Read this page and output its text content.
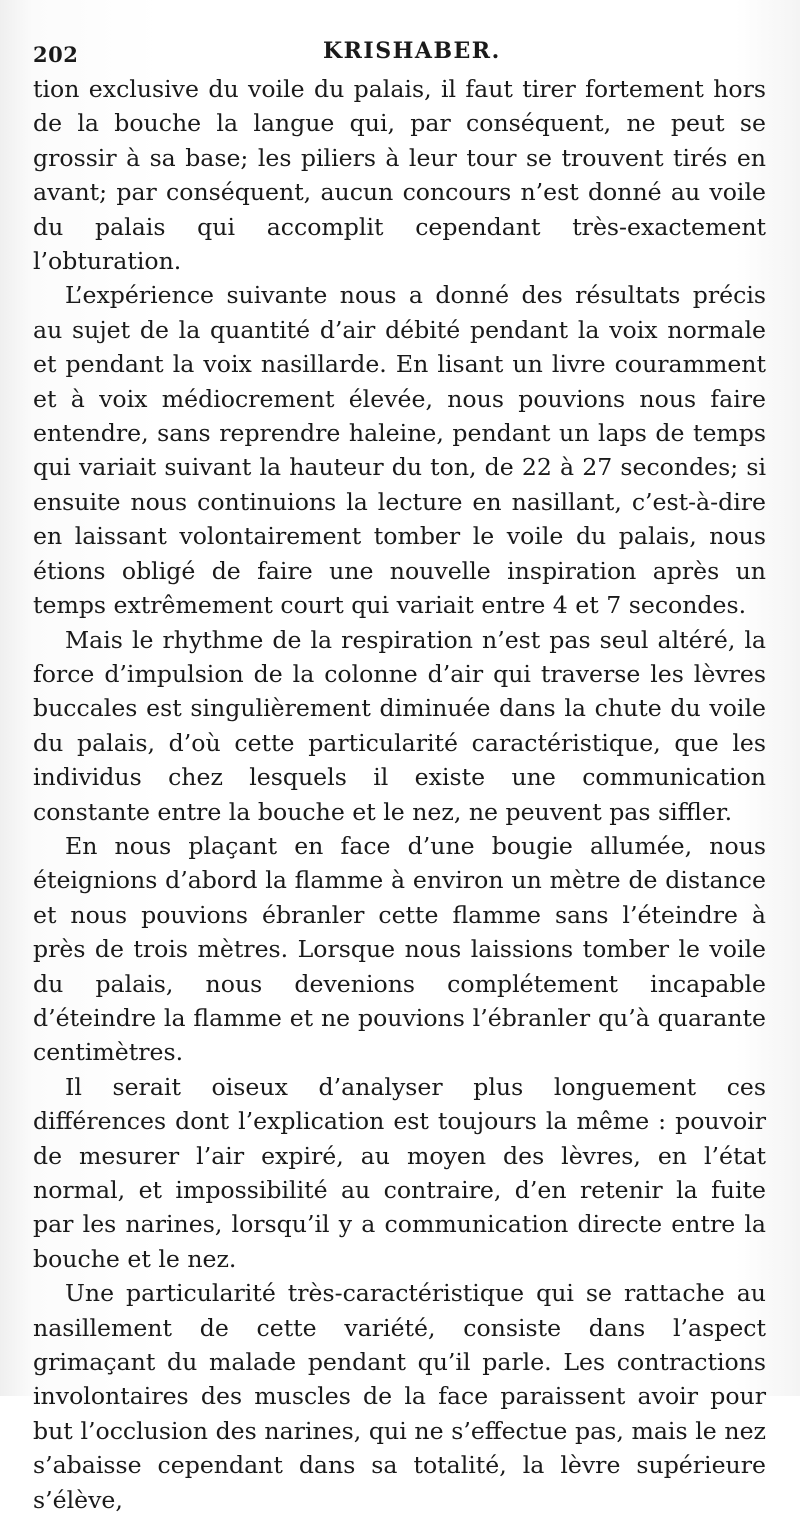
202	KRISHABER.

tion exclusive du voile du palais, il faut tirer fortement hors de la bouche la langue qui, par conséquent, ne peut se grossir à sa base; les piliers à leur tour se trouvent tirés en avant; par conséquent, aucun concours n’est donné au voile du palais qui accomplit cependant très-exactement l’obturation.

L’expérience suivante nous a donné des résultats précis au sujet de la quantité d’air débité pendant la voix normale et pendant la voix nasillarde. En lisant un livre couramment et à voix médiocrement élevée, nous pouvions nous faire entendre, sans reprendre haleine, pendant un laps de temps qui variait suivant la hauteur du ton, de 22 à 27 secondes; si ensuite nous continuions la lecture en nasillant, c’est-à-dire en laissant volontairement tomber le voile du palais, nous étions obligé de faire une nouvelle inspiration après un temps extrêmement court qui variait entre 4 et 7 secondes.

Mais le rhythme de la respiration n’est pas seul altéré, la force d’impulsion de la colonne d’air qui traverse les lèvres buccales est singulièrement diminuée dans la chute du voile du palais, d’où cette particularité caractéristique, que les individus chez lesquels il existe une communication constante entre la bouche et le nez, ne peuvent pas siffler.

En nous plaçant en face d’une bougie allumée, nous éteignions d’abord la flamme à environ un mètre de distance et nous pouvions ébranler cette flamme sans l’éteindre à près de trois mètres. Lorsque nous laissions tomber le voile du palais, nous devenions complétement incapable d’éteindre la flamme et ne pouvions l’ébranler qu’à quarante centimètres.

Il serait oiseux d’analyser plus longuement ces différences dont l’explication est toujours la même : pouvoir de mesurer l’air expiré, au moyen des lèvres, en l’état normal, et impossibilité au contraire, d’en retenir la fuite par les narines, lorsqu’il y a communication directe entre la bouche et le nez.

Une particularité très-caractéristique qui se rattache au nasillement de cette variété, consiste dans l’aspect grimaçant du malade pendant qu’il parle. Les contractions involontaires des muscles de la face paraissent avoir pour but l’occlusion des narines, qui ne s’effectue pas, mais le nez s’abaisse cependant dans sa totalité, la lèvre supérieure s’élève,
